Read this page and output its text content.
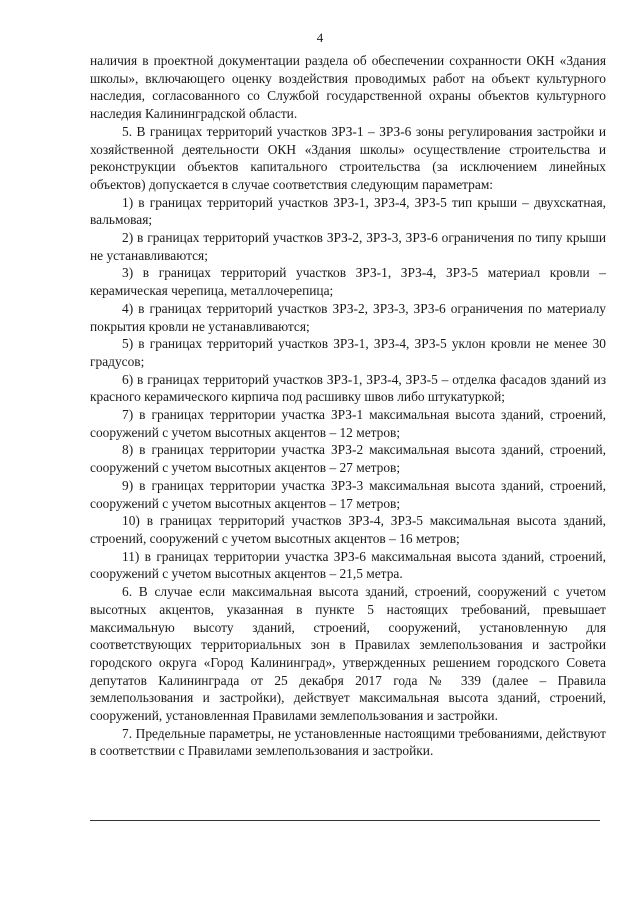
4

наличия в проектной документации раздела об обеспечении сохранности ОКН «Здания школы», включающего оценку воздействия проводимых работ на объект культурного наследия, согласованного со Службой государственной охраны объектов культурного наследия Калининградской области.

5. В границах территорий участков ЗРЗ-1 – ЗРЗ-6 зоны регулирования застройки и хозяйственной деятельности ОКН «Здания школы» осуществление строительства и реконструкции объектов капитального строительства (за исключением линейных объектов) допускается в случае соответствия следующим параметрам:

1) в границах территорий участков ЗРЗ-1, ЗРЗ-4, ЗРЗ-5 тип крыши – двухскатная, вальмовая;

2) в границах территорий участков ЗРЗ-2, ЗРЗ-3, ЗРЗ-6 ограничения по типу крыши не устанавливаются;

3) в границах территорий участков ЗРЗ-1, ЗРЗ-4, ЗРЗ-5 материал кровли – керамическая черепица, металлочерепица;

4) в границах территорий участков ЗРЗ-2, ЗРЗ-3, ЗРЗ-6 ограничения по материалу покрытия кровли не устанавливаются;

5) в границах территорий участков ЗРЗ-1, ЗРЗ-4, ЗРЗ-5 уклон кровли не менее 30 градусов;

6) в границах территорий участков ЗРЗ-1, ЗРЗ-4, ЗРЗ-5 – отделка фасадов зданий из красного керамического кирпича под расшивку швов либо штукатуркой;

7) в границах территории участка ЗРЗ-1 максимальная высота зданий, строений, сооружений с учетом высотных акцентов – 12 метров;

8) в границах территории участка ЗРЗ-2 максимальная высота зданий, строений, сооружений с учетом высотных акцентов – 27 метров;

9) в границах территории участка ЗРЗ-3 максимальная высота зданий, строений, сооружений с учетом высотных акцентов – 17 метров;

10) в границах территорий участков ЗРЗ-4, ЗРЗ-5 максимальная высота зданий, строений, сооружений с учетом высотных акцентов – 16 метров;

11) в границах территории участка ЗРЗ-6 максимальная высота зданий, строений, сооружений с учетом высотных акцентов – 21,5 метра.

6. В случае если максимальная высота зданий, строений, сооружений с учетом высотных акцентов, указанная в пункте 5 настоящих требований, превышает максимальную высоту зданий, строений, сооружений, установленную для соответствующих территориальных зон в Правилах землепользования и застройки городского округа «Город Калининград», утвержденных решением городского Совета депутатов Калининграда от 25 декабря 2017 года № 339 (далее – Правила землепользования и застройки), действует максимальная высота зданий, строений, сооружений, установленная Правилами землепользования и застройки.

7. Предельные параметры, не установленные настоящими требованиями, действуют в соответствии с Правилами землепользования и застройки.
